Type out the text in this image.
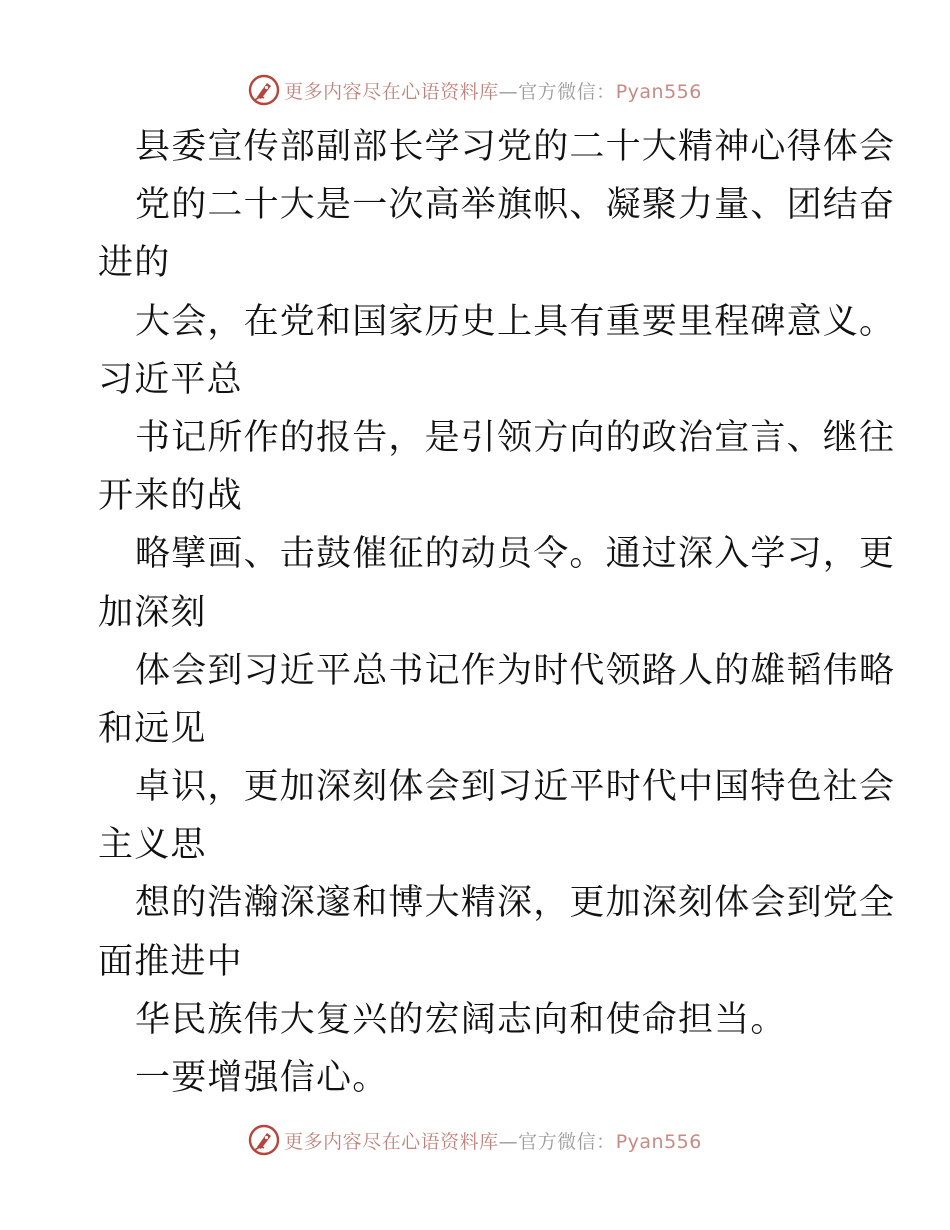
更多内容尽在心语资料库—官方微信：Pyan556
县委宣传部副部长学习党的二十大精神心得体会
党的二十大是一次高举旗帜、凝聚力量、团结奋
进的
大会，在党和国家历史上具有重要里程碑意义。
习近平总
书记所作的报告，是引领方向的政治宣言、继往
开来的战
略擘画、击鼓催征的动员令。通过深入学习，更
加深刻
体会到习近平总书记作为时代领路人的雄韬伟略
和远见
卓识，更加深刻体会到习近平时代中国特色社会
主义思
想的浩瀚深邃和博大精深，更加深刻体会到党全
面推进中
华民族伟大复兴的宏阔志向和使命担当。
一要增强信心。
更多内容尽在心语资料库—官方微信：Pyan556
